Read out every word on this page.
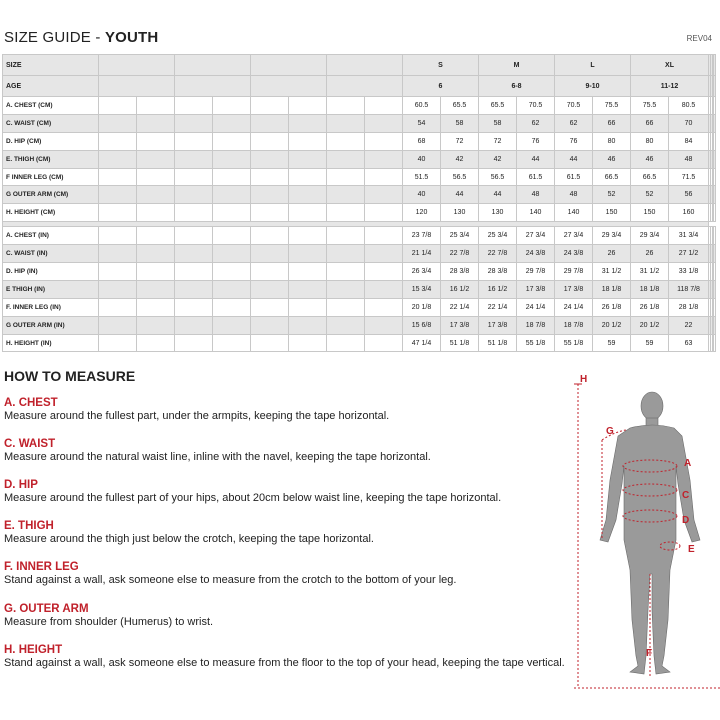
SIZE GUIDE - YOUTH	REV04
SIZE									S		M		L		XL				
AGE									6		6-8		9-10		11-12				
A. CHEST (CM)									60.5	65.5	65.5	70.5	70.5	75.5	75.5	80.5				
C. WAIST (CM)									54	58	58	62	62	66	66	70				
D. HIP (CM)									68	72	72	76	76	80	80	84				
E. THIGH (CM)									40	42	42	44	44	46	46	48				
F INNER LEG (CM)									51.5	56.5	56.5	61.5	61.5	66.5	66.5	71.5				
G OUTER ARM (CM)									40	44	44	48	48	52	52	56				
H. HEIGHT (CM)									120	130	130	140	140	150	150	160				

A. CHEST (IN)									23 7/8	25 3/4	25 3/4	27 3/4	27 3/4	29 3/4	29 3/4	31 3/4				
C. WAIST (IN)									21 1/4	22 7/8	22 7/8	24 3/8	24 3/8	26	26	27 1/2				
D. HIP (IN)									26 3/4	28 3/8	28 3/8	29 7/8	29 7/8	31 1/2	31 1/2	33 1/8				
E THIGH (IN)									15 3/4	16 1/2	16 1/2	17 3/8	17 3/8	18 1/8	18 1/8	118 7/8				
F. INNER LEG (IN)									20 1/8	22 1/4	22 1/4	24 1/4	24 1/4	26 1/8	26 1/8	28 1/8				
G OUTER ARM (IN)									15 6/8	17 3/8	17 3/8	18 7/8	18 7/8	20 1/2	20 1/2	22				
H. HEIGHT (IN)									47 1/4	51 1/8	51 1/8	55 1/8	55 1/8	59	59	63				
HOW TO MEASURE
A. CHEST
Measure around the fullest part, under the armpits, keeping the tape horizontal.
C. WAIST
Measure around the natural waist line, inline with the navel, keeping the tape horizontal.
D. HIP
Measure around the fullest part of your hips, about 20cm below waist line, keeping the tape horizontal.
E. THIGH
Measure around the thigh just below the crotch, keeping the tape horizontal.
F. INNER LEG
Stand against a wall, ask someone else to measure from the crotch to the bottom of your leg.
G. OUTER ARM
Measure from shoulder (Humerus) to wrist.
H. HEIGHT
Stand against a wall, ask someone else to measure from the floor to the top of your head, keeping the tape vertical.
H
G
A
C
D
E
F
